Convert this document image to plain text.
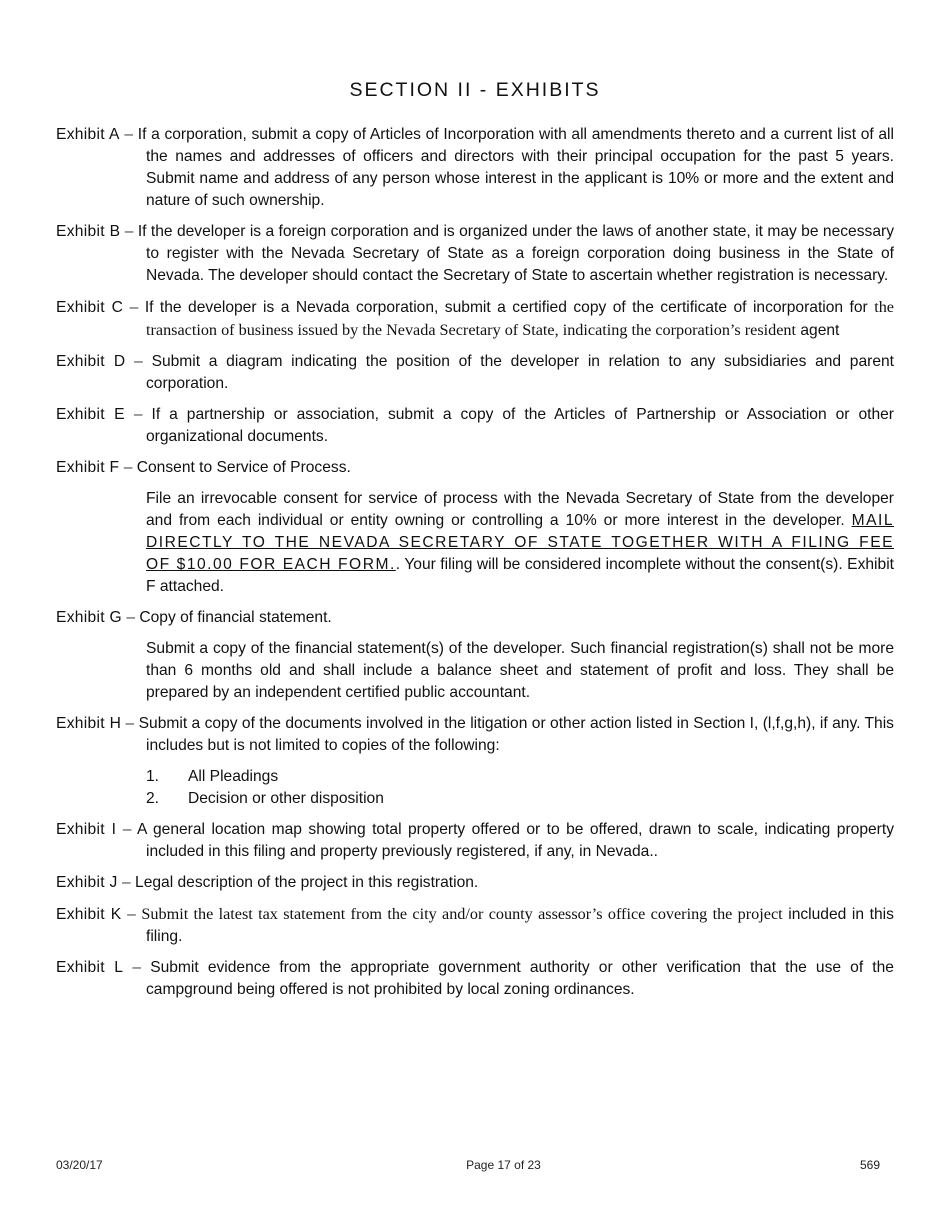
SECTION II - EXHIBITS
Exhibit A – If a corporation, submit a copy of Articles of Incorporation with all amendments thereto and a current list of all the names and addresses of officers and directors with their principal occupation for the past 5 years. Submit name and address of any person whose interest in the applicant is 10% or more and the extent and nature of such ownership.
Exhibit B – If the developer is a foreign corporation and is organized under the laws of another state, it may be necessary to register with the Nevada Secretary of State as a foreign corporation doing business in the State of Nevada. The developer should contact the Secretary of State to ascertain whether registration is necessary.
Exhibit C – If the developer is a Nevada corporation, submit a certified copy of the certificate of incorporation for the transaction of business issued by the Nevada Secretary of State, indicating the corporation’s resident agent
Exhibit D – Submit a diagram indicating the position of the developer in relation to any subsidiaries and parent corporation.
Exhibit E – If a partnership or association, submit a copy of the Articles of Partnership or Association or other organizational documents.
Exhibit F – Consent to Service of Process.

File an irrevocable consent for service of process with the Nevada Secretary of State from the developer and from each individual or entity owning or controlling a 10% or more interest in the developer. MAIL DIRECTLY TO THE NEVADA SECRETARY OF STATE TOGETHER WITH A FILING FEE OF $10.00 FOR EACH FORM.. Your filing will be considered incomplete without the consent(s). Exhibit F attached.

Exhibit G – Copy of financial statement.

Submit a copy of the financial statement(s) of the developer. Such financial registration(s) shall not be more than 6 months old and shall include a balance sheet and statement of profit and loss. They shall be prepared by an independent certified public accountant.

Exhibit H – Submit a copy of the documents involved in the litigation or other action listed in Section I, (l,f,g,h), if any. This includes but is not limited to copies of the following:
1.	All Pleadings
2.	Decision or other disposition
Exhibit I – A general location map showing total property offered or to be offered, drawn to scale, indicating property included in this filing and property previously registered, if any, in Nevada..
Exhibit J – Legal description of the project in this registration.
Exhibit K – Submit the latest tax statement from the city and/or county assessor’s office covering the project included in this filing.
Exhibit L – Submit evidence from the appropriate government authority or other verification that the use of the campground being offered is not prohibited by local zoning ordinances.
03/20/17	Page 17 of 23	569
